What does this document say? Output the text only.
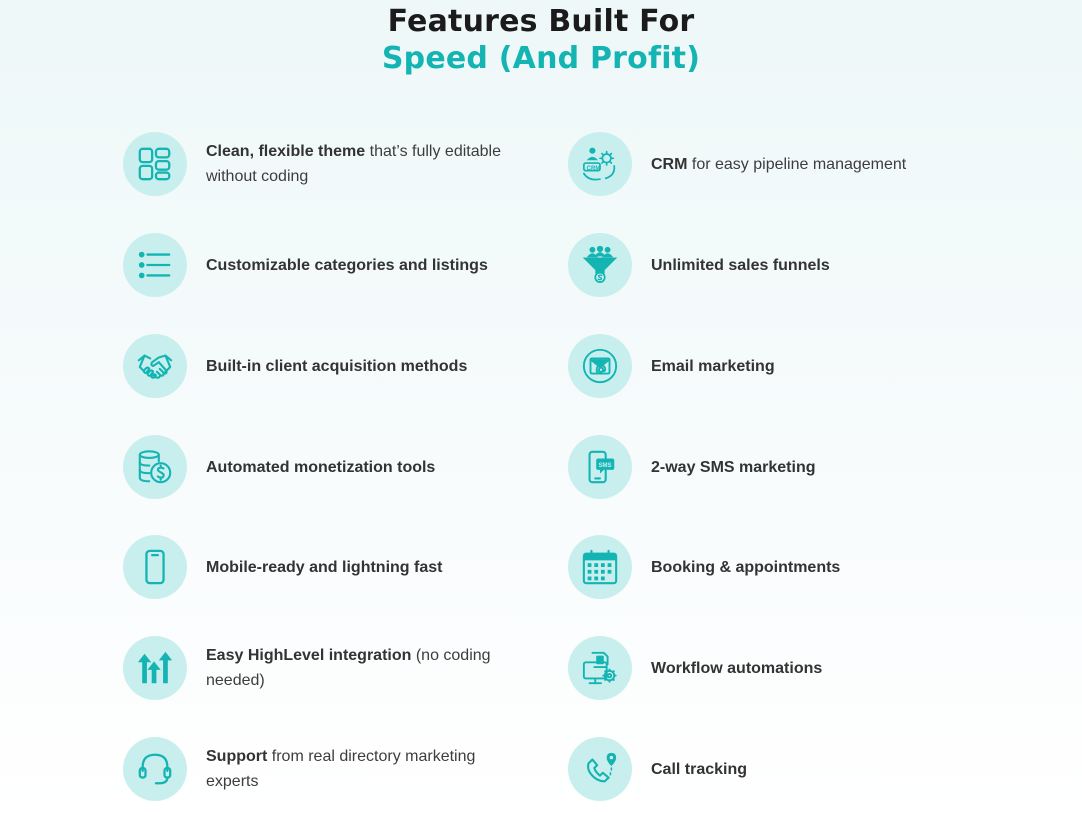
Features Built For
Speed (And Profit)
Clean, flexible theme that’s fully editable without coding
Customizable categories and listings
Built-in client acquisition methods
Automated monetization tools
Mobile-ready and lightning fast
Easy HighLevel integration (no coding needed)
Support from real directory marketing experts
CRM	CRM for easy pipeline management
Unlimited sales funnels
Email marketing
SMS 2-way SMS marketing
Booking & appointments
Workflow automations
Call tracking
